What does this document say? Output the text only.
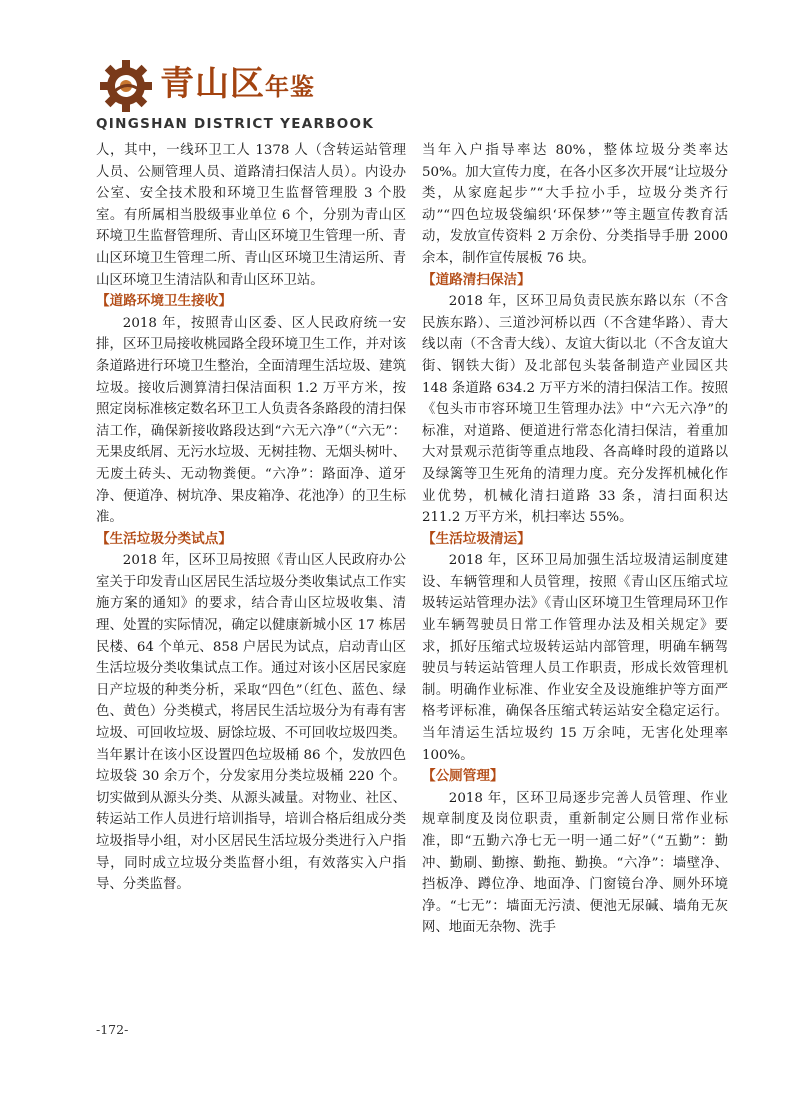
青山区年鉴
QINGSHAN DISTRICT YEARBOOK

人，其中，一线环卫工人 1378 人（含转运站管理人员、公厕管理人员、道路清扫保洁人员）。内设办公室、安全技术股和环境卫生监督管理股 3 个股室。有所属相当股级事业单位 6 个，分别为青山区环境卫生监督管理所、青山区环境卫生管理一所、青山区环境卫生管理二所、青山区环境卫生清运所、青山区环境卫生清洁队和青山区环卫站。

【道路环境卫生接收】

2018 年，按照青山区委、区人民政府统一安排，区环卫局接收桃园路全段环境卫生工作，并对该条道路进行环境卫生整治，全面清理生活垃圾、建筑垃圾。接收后测算清扫保洁面积 1.2 万平方米，按照定岗标准核定数名环卫工人负责各条路段的清扫保洁工作，确保新接收路段达到“六无六净”（“六无”：无果皮纸屑、无污水垃圾、无树挂物、无烟头树叶、无废土砖头、无动物粪便。“六净”：路面净、道牙净、便道净、树坑净、果皮箱净、花池净）的卫生标准。

【生活垃圾分类试点】

2018 年，区环卫局按照《青山区人民政府办公室关于印发青山区居民生活垃圾分类收集试点工作实施方案的通知》的要求，结合青山区垃圾收集、清理、处置的实际情况，确定以健康新城小区 17 栋居民楼、64 个单元、858 户居民为试点，启动青山区生活垃圾分类收集试点工作。通过对该小区居民家庭日产垃圾的种类分析，采取“四色”（红色、蓝色、绿色、黄色）分类模式，将居民生活垃圾分为有毒有害垃圾、可回收垃圾、厨馀垃圾、不可回收垃圾四类。当年累计在该小区设置四色垃圾桶 86 个，发放四色垃圾袋 30 余万个，分发家用分类垃圾桶 220 个。切实做到从源头分类、从源头减量。对物业、社区、转运站工作人员进行培训指导，培训合格后组成分类垃圾指导小组，对小区居民生活垃圾分类进行入户指导，同时成立垃圾分类监督小组，有效落实入户指导、分类监督。

当年入户指导率达 80%，整体垃圾分类率达 50%。加大宣传力度，在各小区多次开展“让垃圾分类，从家庭起步”“大手拉小手，垃圾分类齐行动”“四色垃圾袋编织‘环保梦’”等主题宣传教育活动，发放宣传资料 2 万余份、分类指导手册 2000 余本，制作宣传展板 76 块。

【道路清扫保洁】

2018 年，区环卫局负责民族东路以东（不含民族东路）、三道沙河桥以西（不含建华路）、青大线以南（不含青大线）、友谊大街以北（不含友谊大街、钢铁大街）及北部包头装备制造产业园区共 148 条道路 634.2 万平方米的清扫保洁工作。按照《包头市市容环境卫生管理办法》中“六无六净”的标准，对道路、便道进行常态化清扫保洁，着重加大对景观示范街等重点地段、各高峰时段的道路以及绿篱等卫生死角的清理力度。充分发挥机械化作业优势，机械化清扫道路 33 条，清扫面积达 211.2 万平方米，机扫率达 55%。

【生活垃圾清运】

2018 年，区环卫局加强生活垃圾清运制度建设、车辆管理和人员管理，按照《青山区压缩式垃圾转运站管理办法》《青山区环境卫生管理局环卫作业车辆驾驶员日常工作管理办法及相关规定》要求，抓好压缩式垃圾转运站内部管理，明确车辆驾驶员与转运站管理人员工作职责，形成长效管理机制。明确作业标准、作业安全及设施维护等方面严格考评标准，确保各压缩式转运站安全稳定运行。当年清运生活垃圾约 15 万余吨，无害化处理率 100%。

【公厕管理】

2018 年，区环卫局逐步完善人员管理、作业规章制度及岗位职责，重新制定公厕日常作业标准，即“五勤六净七无一明一通二好”（“五勤”：勤冲、勤刷、勤擦、勤拖、勤换。“六净”：墙壁净、挡板净、蹲位净、地面净、门窗镜台净、厕外环境净。“七无”：墙面无污渍、便池无尿碱、墙角无灰网、地面无杂物、洗手

-172-
